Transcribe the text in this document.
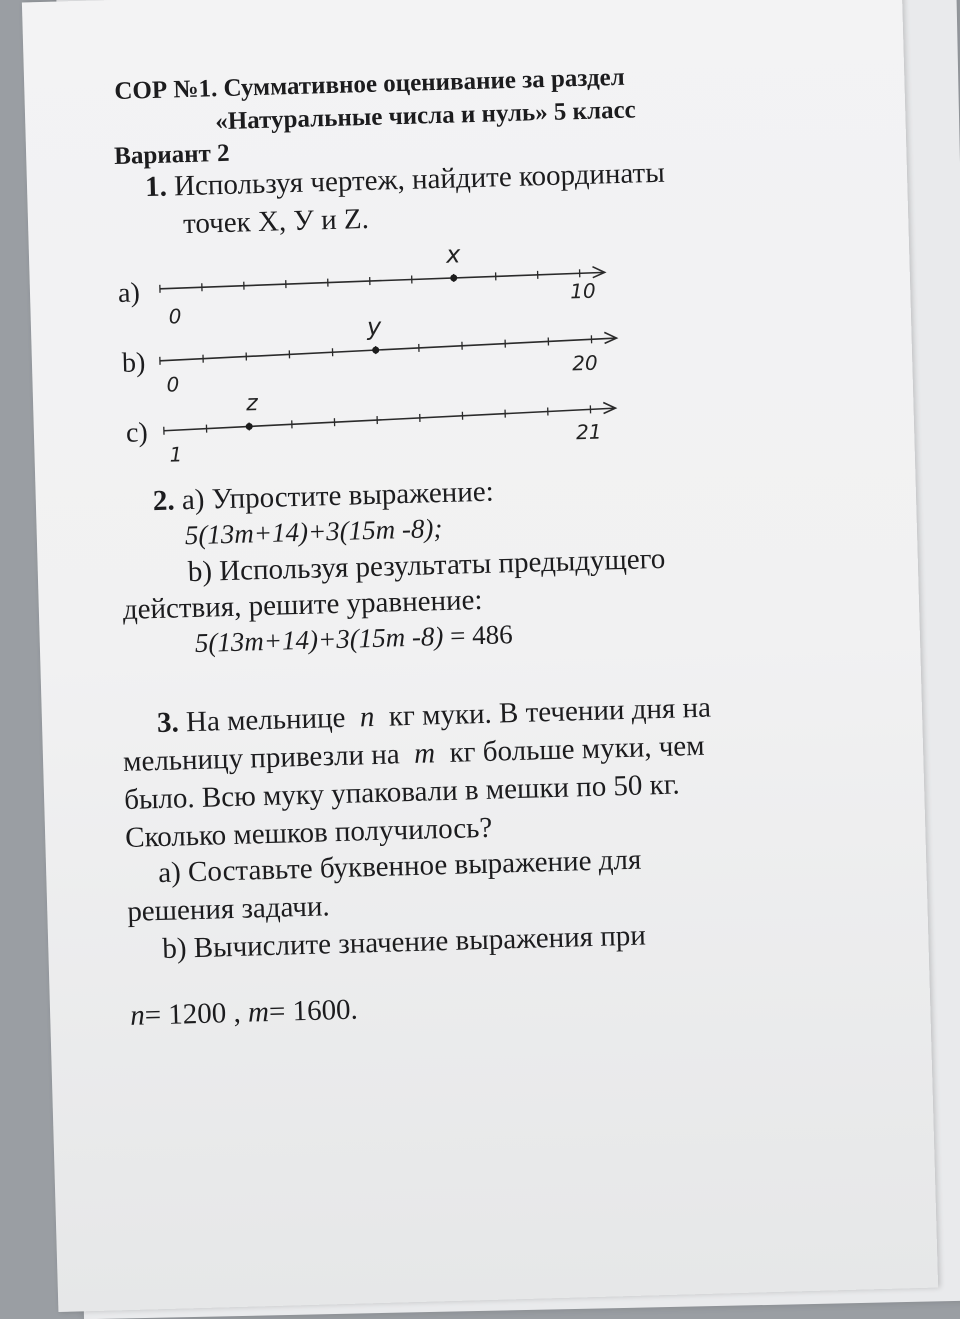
СОР №1. Суммативное оценивание за раздел
«Натуральные числа и нуль» 5 класс
Вариант 2
1. Используя чертеж, найдите координаты
точек X, У и Z.
a)
b)
c)
0
10
x
0
20
y
1
21
z
2. a) Упростите выражение:
5(13m+14)+3(15m -8);
b) Используя результаты предыдущего
действия, решите уравнение:
5(13m+14)+3(15m -8) = 486
3. На мельнице n кг муки. В течении дня на
мельницу привезли на m кг больше муки, чем
было. Всю муку упаковали в мешки по 50 кг.
Сколько мешков получилось?
a) Составьте буквенное выражение для
решения задачи.
b) Вычислите значение выражения при
n= 1200 , m= 1600.
